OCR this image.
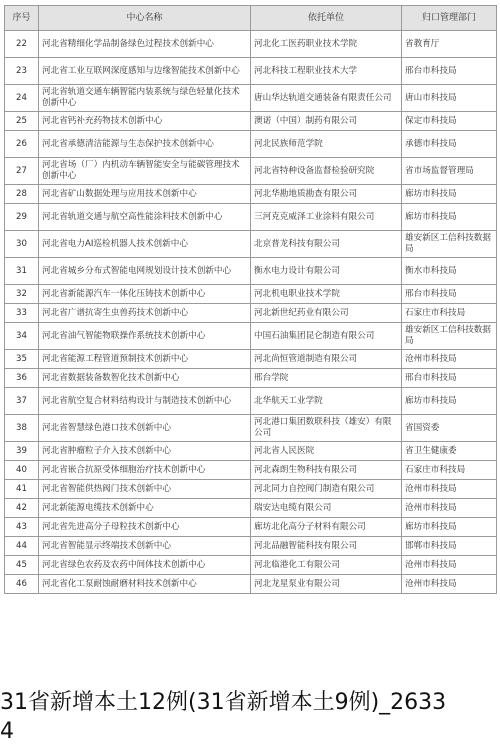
序号	中心名称	依托单位	归口管理部门
22	河北省精细化学品制备绿色过程技术创新中心	河北化工医药职业技术学院	省教育厅
23	河北省工业互联网深度感知与边缘智能技术创新中心	河北科技工程职业技术大学	邢台市科技局
24	河北省轨道交通车辆智能内装系统与绿色轻量化技术创新中心	唐山华达轨道交通装备有限责任公司	唐山市科技局
25	河北省钙补充药物技术创新中心	澳诺（中国）制药有限公司	保定市科技局
26	河北省承德清洁能源与生态保护技术创新中心	河北民族师范学院	承德市科技局
27	河北省场（厂）内机动车辆智能安全与能碳管理技术创新中心	河北省特种设备监督检验研究院	省市场监督管理局
28	河北省矿山数据处理与应用技术创新中心	河北华勘地质勘查有限公司	廊坊市科技局
29	河北省轨道交通与航空高性能涂料技术创新中心	三河克克威泽工业涂料有限公司	廊坊市科技局
30	河北省电力AI巡检机器人技术创新中心	北京普龙科技有限公司	雄安新区工信科技数据局
31	河北省城乡分布式智能电网规划设计技术创新中心	衡水电力设计有限公司	衡水市科技局
32	河北省新能源汽车一体化压铸技术创新中心	河北机电职业技术学院	邢台市科技局
33	河北省广谱抗寄生虫兽药技术创新中心	河北新世纪药业有限公司	石家庄市科技局
34	河北省油气智能物联操作系统技术创新中心	中国石油集团昆仑制造有限公司	雄安新区工信科技数据局
35	河北省能源工程管道预制技术创新中心	河北尚恒管道制造有限公司	沧州市科技局
36	河北省数据装备数智化技术创新中心	邢台学院	邢台市科技局
37	河北省航空复合材料结构设计与制造技术创新中心	北华航天工业学院	廊坊市科技局
38	河北省智慧绿色港口技术创新中心	河北港口集团数联科技（雄安）有限公司	省国资委
39	河北省肿瘤粒子介入技术创新中心	河北省人民医院	省卫生健康委
40	河北省嵌合抗原受体细胞治疗技术创新中心	河北森朗生物科技有限公司	石家庄市科技局
41	河北省智能供热阀门技术创新中心	河北同力自控阀门制造有限公司	沧州市科技局
42	河北新能源电缆技术创新中心	瑞安达电缆有限公司	沧州市科技局
43	河北省先进高分子母粒技术创新中心	廊坊北化高分子材料有限公司	廊坊市科技局
44	河北省智能显示终端技术创新中心	河北品融智能科技有限公司	邯郸市科技局
45	河北省绿色农药及农药中间体技术创新中心	河北临港化工有限公司	沧州市科技局
46	河北省化工泵耐蚀耐磨材料技术创新中心	河北龙星泵业有限公司	沧州市科技局
31省新增本土12例(31省新增本土9例)_2633
4
